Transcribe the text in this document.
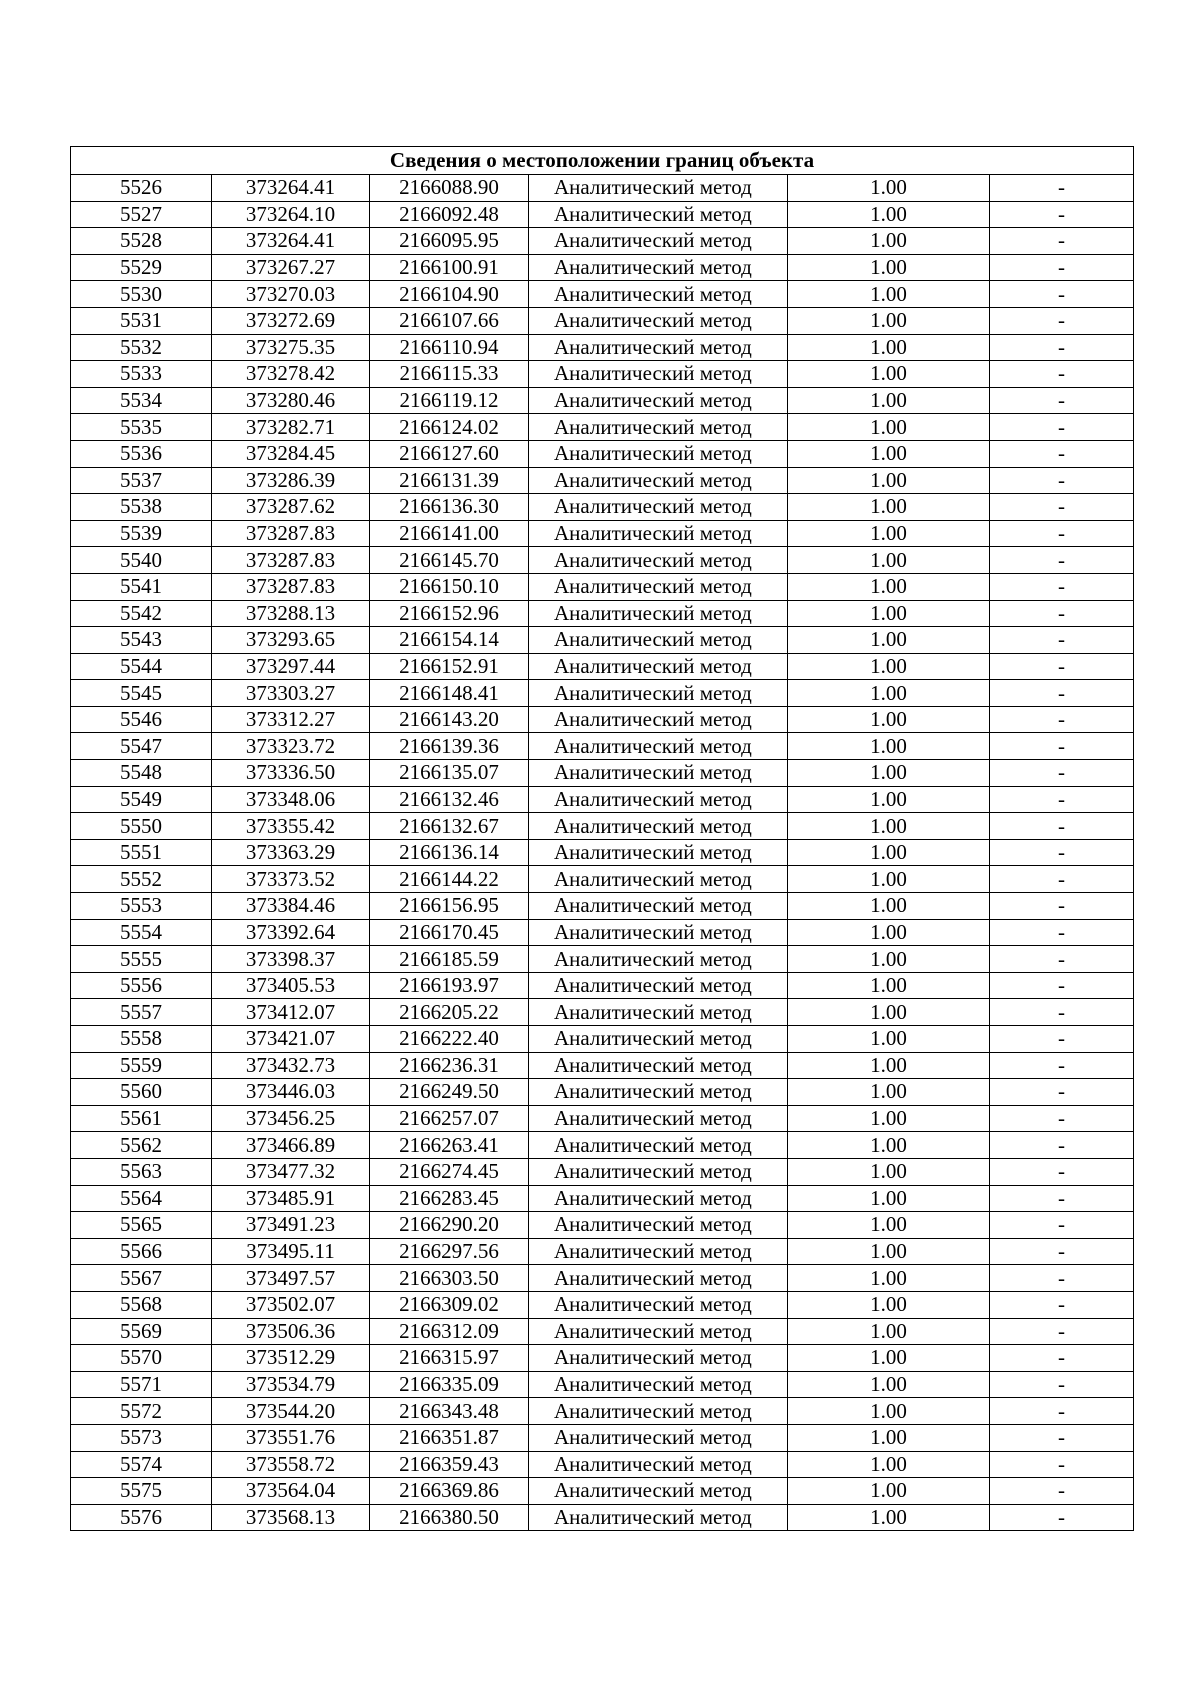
Сведения о местоположении границ объекта					
5526	373264.41	2166088.90	Аналитический метод	1.00	-
5527	373264.10	2166092.48	Аналитический метод	1.00	-
5528	373264.41	2166095.95	Аналитический метод	1.00	-
5529	373267.27	2166100.91	Аналитический метод	1.00	-
5530	373270.03	2166104.90	Аналитический метод	1.00	-
5531	373272.69	2166107.66	Аналитический метод	1.00	-
5532	373275.35	2166110.94	Аналитический метод	1.00	-
5533	373278.42	2166115.33	Аналитический метод	1.00	-
5534	373280.46	2166119.12	Аналитический метод	1.00	-
5535	373282.71	2166124.02	Аналитический метод	1.00	-
5536	373284.45	2166127.60	Аналитический метод	1.00	-
5537	373286.39	2166131.39	Аналитический метод	1.00	-
5538	373287.62	2166136.30	Аналитический метод	1.00	-
5539	373287.83	2166141.00	Аналитический метод	1.00	-
5540	373287.83	2166145.70	Аналитический метод	1.00	-
5541	373287.83	2166150.10	Аналитический метод	1.00	-
5542	373288.13	2166152.96	Аналитический метод	1.00	-
5543	373293.65	2166154.14	Аналитический метод	1.00	-
5544	373297.44	2166152.91	Аналитический метод	1.00	-
5545	373303.27	2166148.41	Аналитический метод	1.00	-
5546	373312.27	2166143.20	Аналитический метод	1.00	-
5547	373323.72	2166139.36	Аналитический метод	1.00	-
5548	373336.50	2166135.07	Аналитический метод	1.00	-
5549	373348.06	2166132.46	Аналитический метод	1.00	-
5550	373355.42	2166132.67	Аналитический метод	1.00	-
5551	373363.29	2166136.14	Аналитический метод	1.00	-
5552	373373.52	2166144.22	Аналитический метод	1.00	-
5553	373384.46	2166156.95	Аналитический метод	1.00	-
5554	373392.64	2166170.45	Аналитический метод	1.00	-
5555	373398.37	2166185.59	Аналитический метод	1.00	-
5556	373405.53	2166193.97	Аналитический метод	1.00	-
5557	373412.07	2166205.22	Аналитический метод	1.00	-
5558	373421.07	2166222.40	Аналитический метод	1.00	-
5559	373432.73	2166236.31	Аналитический метод	1.00	-
5560	373446.03	2166249.50	Аналитический метод	1.00	-
5561	373456.25	2166257.07	Аналитический метод	1.00	-
5562	373466.89	2166263.41	Аналитический метод	1.00	-
5563	373477.32	2166274.45	Аналитический метод	1.00	-
5564	373485.91	2166283.45	Аналитический метод	1.00	-
5565	373491.23	2166290.20	Аналитический метод	1.00	-
5566	373495.11	2166297.56	Аналитический метод	1.00	-
5567	373497.57	2166303.50	Аналитический метод	1.00	-
5568	373502.07	2166309.02	Аналитический метод	1.00	-
5569	373506.36	2166312.09	Аналитический метод	1.00	-
5570	373512.29	2166315.97	Аналитический метод	1.00	-
5571	373534.79	2166335.09	Аналитический метод	1.00	-
5572	373544.20	2166343.48	Аналитический метод	1.00	-
5573	373551.76	2166351.87	Аналитический метод	1.00	-
5574	373558.72	2166359.43	Аналитический метод	1.00	-
5575	373564.04	2166369.86	Аналитический метод	1.00	-
5576	373568.13	2166380.50	Аналитический метод	1.00	-
